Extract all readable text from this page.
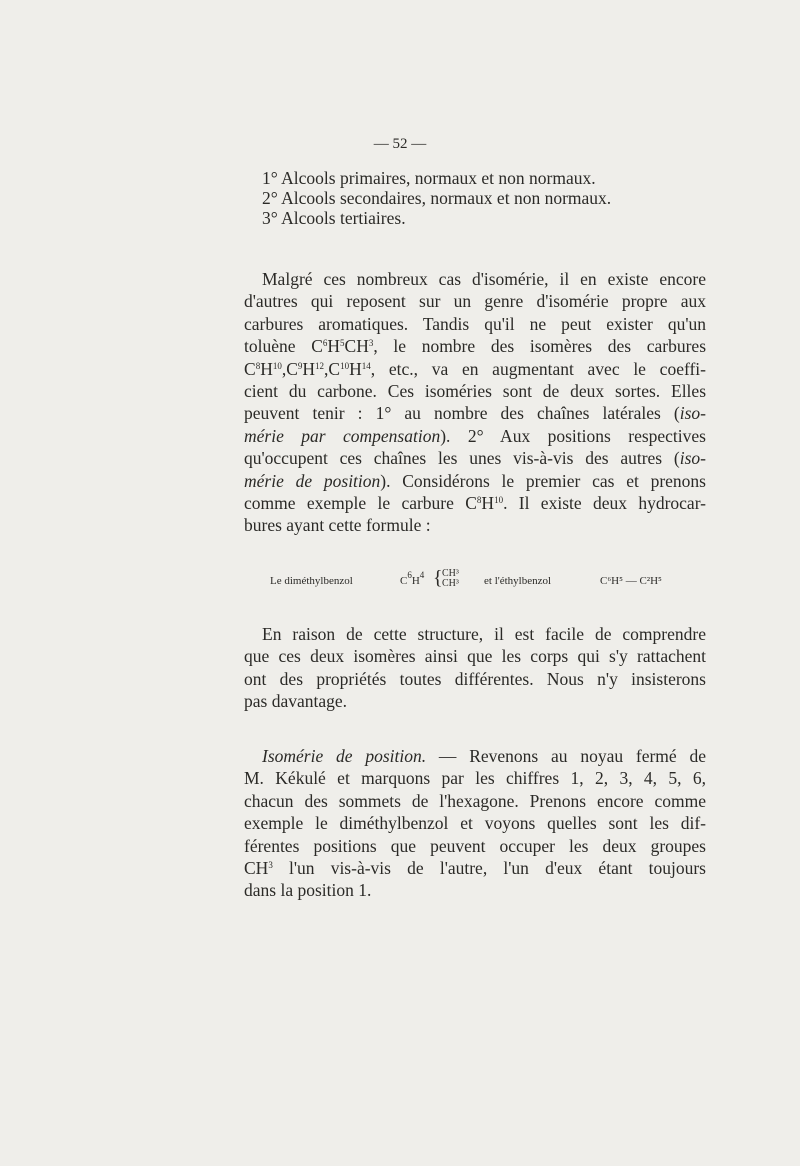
— 52 —
1° Alcools primaires, normaux et non normaux.
2° Alcools secondaires, normaux et non normaux.
3° Alcools tertiaires.
Malgré ces nombreux cas d'isomérie, il en existe encore
d'autres qui reposent sur un genre d'isomérie propre aux
carbures aromatiques. Tandis qu'il ne peut exister qu'un
toluène $C^6H^5CH^3$, le nombre des isomères des carbures
$C^8H^{10},C^9H^{12},C^{10}H^{14}$, etc., va en augmentant avec le coeffi-
cient du carbone. Ces isoméries sont de deux sortes. Elles
peuvent tenir : 1° au nombre des chaînes latérales (iso-
mérie par compensation). 2° Aux positions respectives
qu'occupent ces chaînes les unes vis-à-vis des autres (iso-
mérie de position). Considérons le premier cas et prenons
comme exemple le carbure $C^8H^{10}$. Il existe deux hydrocar-
bures ayant cette formule :
Le diméthylbenzol	$C^6H^4$ { CH³
CH³ et l'éthylbenzol	C⁶H⁵ — C²H⁵
En raison de cette structure, il est facile de comprendre
que ces deux isomères ainsi que les corps qui s'y rattachent
ont des propriétés toutes différentes. Nous n'y insisterons
pas davantage.
Isomérie de position. — Revenons au noyau fermé de
M. Kékulé et marquons par les chiffres 1, 2, 3, 4, 5, 6,
chacun des sommets de l'hexagone. Prenons encore comme
exemple le diméthylbenzol et voyons quelles sont les dif-
férentes positions que peuvent occuper les deux groupes
$CH^3$ l'un vis-à-vis de l'autre, l'un d'eux étant toujours
dans la position 1.
